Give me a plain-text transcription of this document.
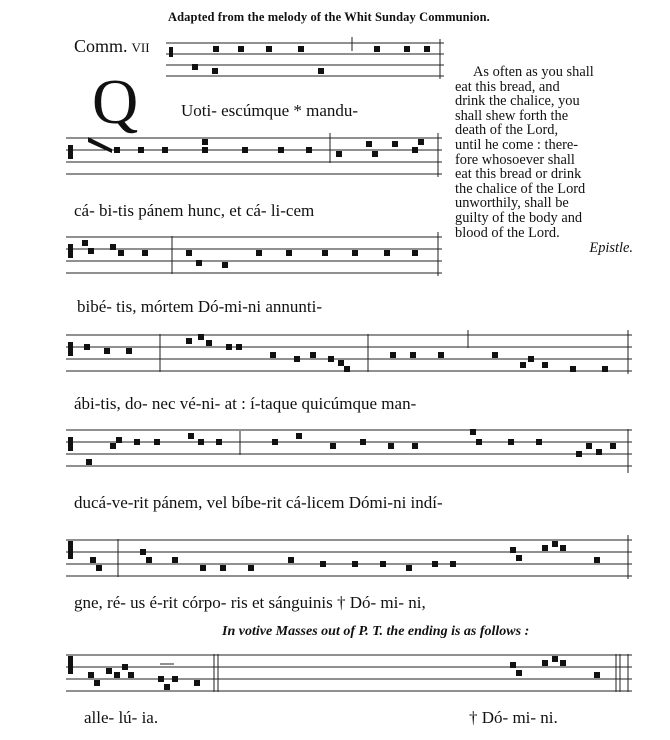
Adapted from the melody of the Whit Sunday Communion.
Comm. VII
Q	Uoti- escúmque * mandu-
cá- bi-tis pánem hunc, et cá- li-cem
bibé- tis, mórtem Dó-mi-ni annunti-
ábi-tis, do- nec vé-ni- at : í-taque quicúmque man-
ducá-ve-rit pánem, vel bíbe-rit cá-licem Dómi-ni indí-
gne, ré- us é-rit córpo- ris et sánguinis † Dó- mi- ni,
In votive Masses out of P. T. the ending is as follows :
alle- lú- ia.	† Dó- mi- ni.
As often as you shall
eat this bread, and
drink the chalice, you
shall shew forth the
death of the Lord,
until he come : there-
fore whosoever shall
eat this bread or drink
the chalice of the Lord
unworthily, shall be
guilty of the body and
blood of the Lord.
Epistle.
